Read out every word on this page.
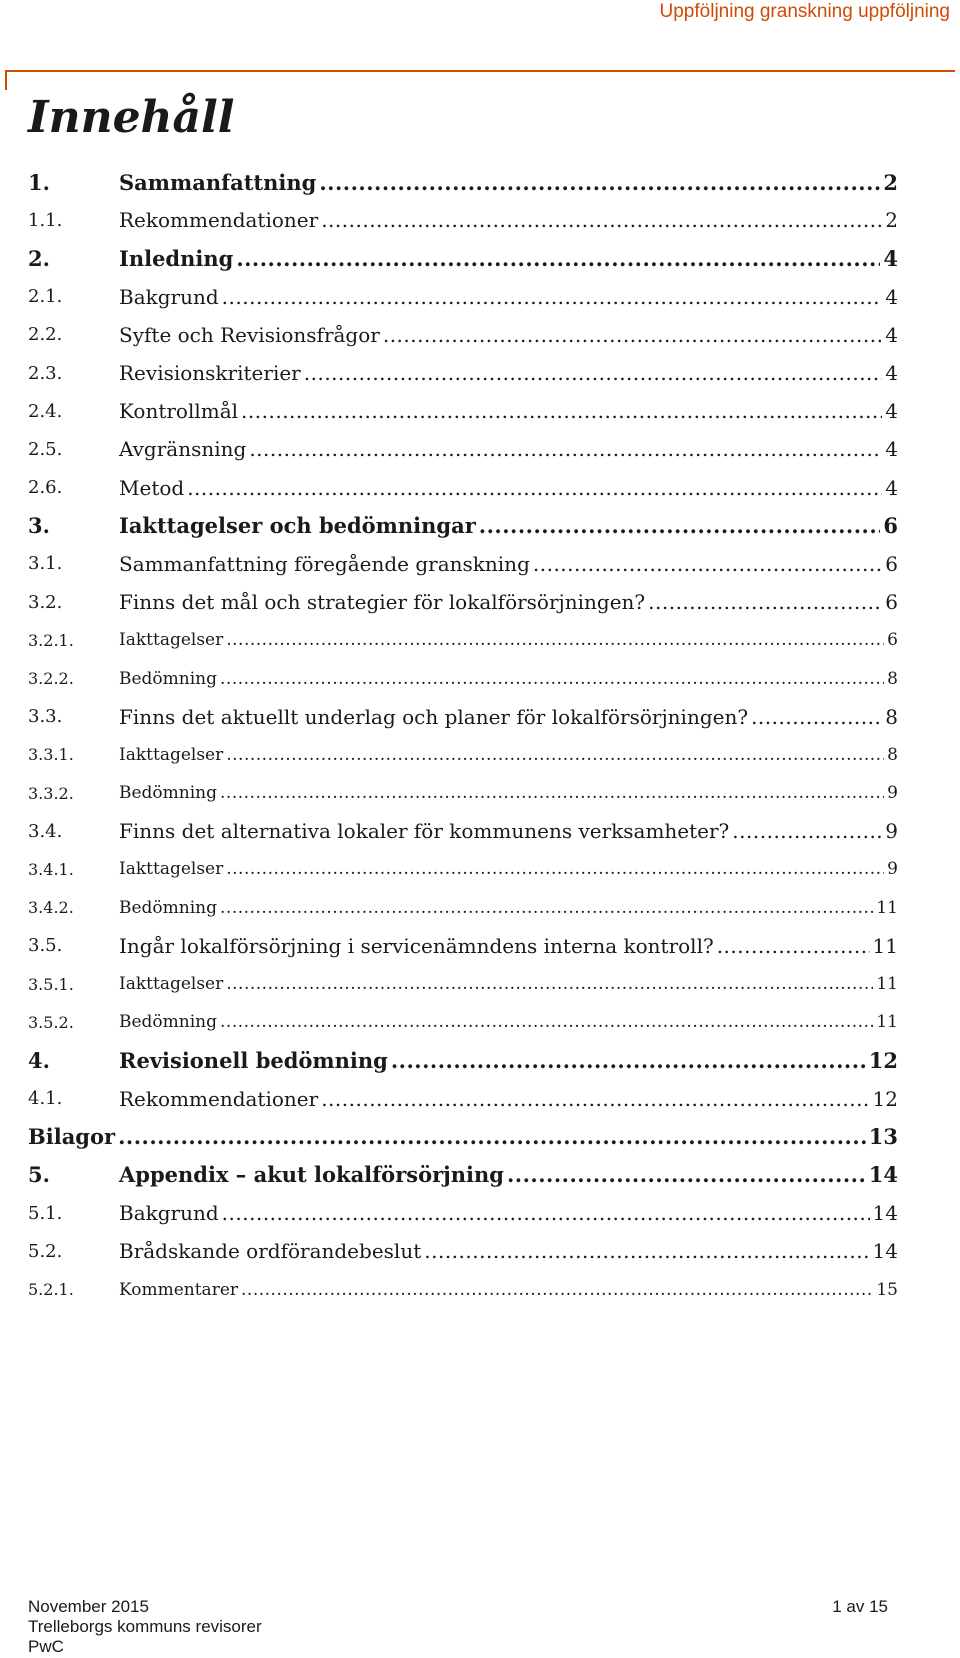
Uppföljning granskning uppföljning
Innehåll
1.	Sammanfattning .....	2
1.1.	Rekommendationer .....	2
2.	Inledning .....	4
2.1.	Bakgrund .....	4
2.2.	Syfte och Revisionsfrågor .....	4
2.3.	Revisionskriterier .....	4
2.4.	Kontrollmål .....	4
2.5.	Avgränsning .....	4
2.6.	Metod .....	4
3.	Iakttagelser och bedömningar .....	6
3.1.	Sammanfattning föregående granskning .....	6
3.2.	Finns det mål och strategier för lokalförsörjningen? .....	6
3.2.1.	Iakttagelser .....	6
3.2.2.	Bedömning .....	8
3.3.	Finns det aktuellt underlag och planer för lokalförsörjningen? .....	8
3.3.1.	Iakttagelser .....	8
3.3.2.	Bedömning .....	9
3.4.	Finns det alternativa lokaler för kommunens verksamheter? .....	9
3.4.1.	Iakttagelser .....	9
3.4.2.	Bedömning .....	11
3.5.	Ingår lokalförsörjning i servicenämndens interna kontroll? .....	11
3.5.1.	Iakttagelser .....	11
3.5.2.	Bedömning .....	11
4.	Revisionell bedömning .....	12
4.1.	Rekommendationer .....	12
Bilagor .....	13
5.	Appendix – akut lokalförsörjning .....	14
5.1.	Bakgrund .....	14
5.2.	Brådskande ordförandebeslut .....	14
5.2.1.	Kommentarer .....	15
November 2015	1 av 15
Trelleborgs kommuns revisorer
PwC
